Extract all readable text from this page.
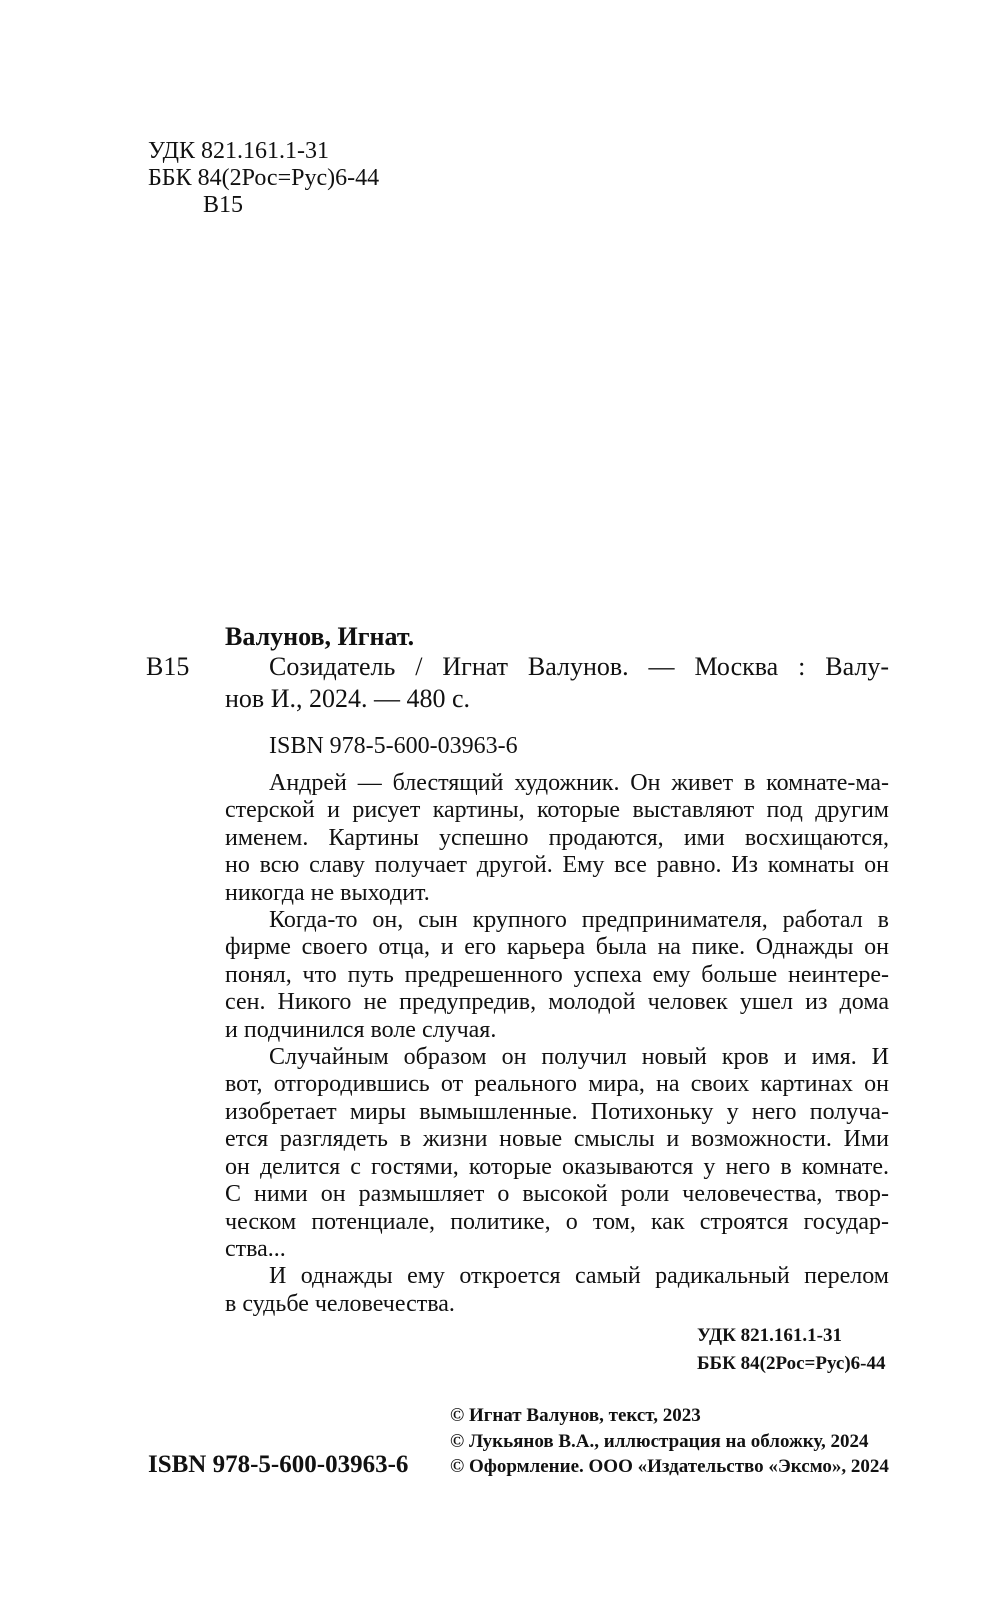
УДК 821.161.1-31
ББК 84(2Рос=Рус)6-44
В15
В15
Валунов, Игнат.
Созидатель / Игнат Валунов. — Москва : Валу-
нов И., 2024. — 480 с.
ISBN 978-5-600-03963-6
Андрей — блестящий художник. Он живет в комнате-ма-
стерской и рисует картины, которые выставляют под другим
именем. Картины успешно продаются, ими восхищаются,
но всю славу получает другой. Ему все равно. Из комнаты он
никогда не выходит.
Когда-то он, сын крупного предпринимателя, работал в
фирме своего отца, и его карьера была на пике. Однажды он
понял, что путь предрешенного успеха ему больше неинтере-
сен. Никого не предупредив, молодой человек ушел из дома
и подчинился воле случая.
Случайным образом он получил новый кров и имя. И
вот, отгородившись от реального мира, на своих картинах он
изобретает миры вымышленные. Потихоньку у него получа-
ется разглядеть в жизни новые смыслы и возможности. Ими
он делится с гостями, которые оказываются у него в комнате.
С ними он размышляет о высокой роли человечества, твор-
ческом потенциале, политике, о том, как строятся государ-
ства...
И однажды ему откроется самый радикальный перелом
в судьбе человечества.
УДК 821.161.1-31
ББК 84(2Рос=Рус)6-44
© Игнат Валунов, текст, 2023
© Лукьянов В.А., иллюстрация на обложку, 2024
© Оформление. ООО «Издательство «Эксмо», 2024
ISBN 978-5-600-03963-6
